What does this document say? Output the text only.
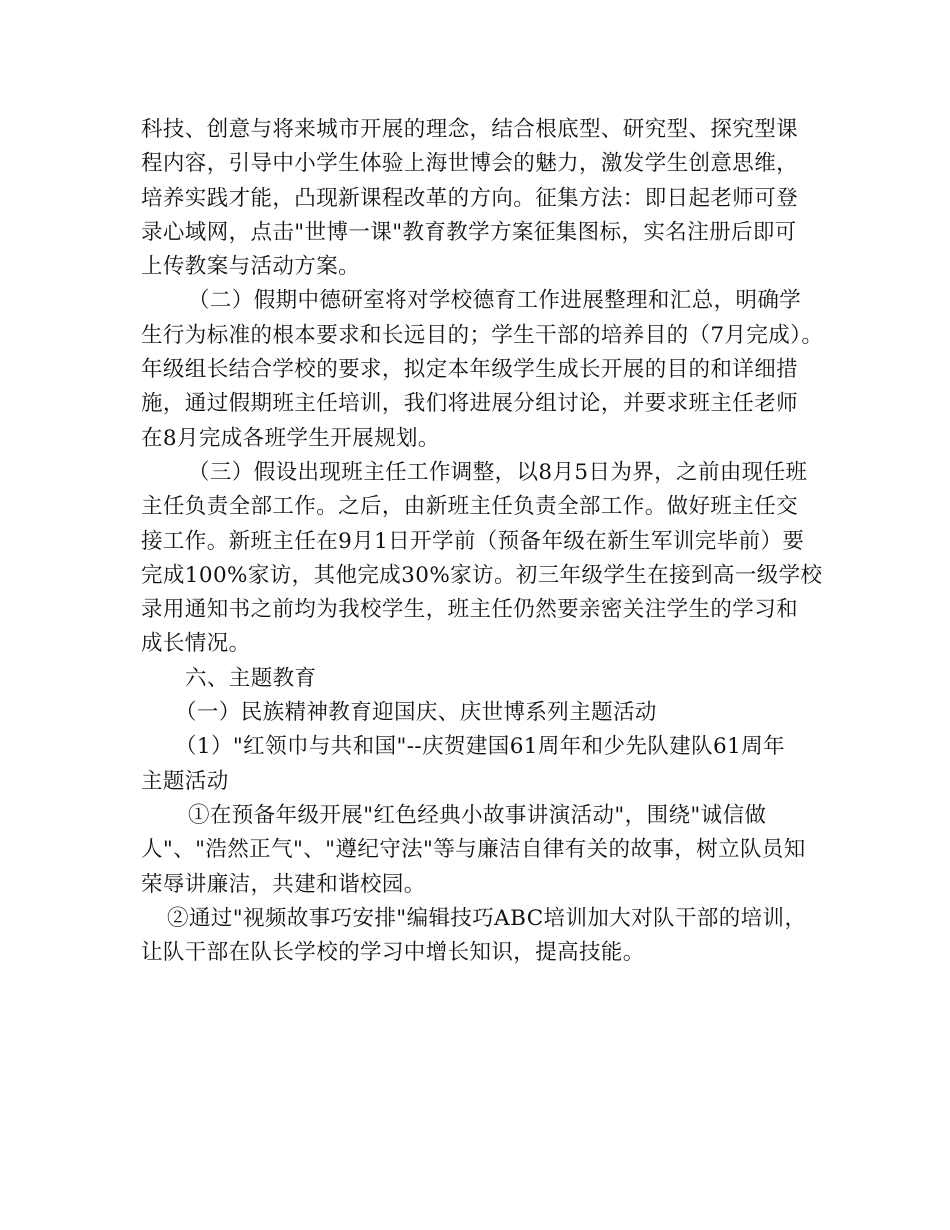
科技、创意与将来城市开展的理念，结合根底型、研究型、探究型课
程内容，引导中小学生体验上海世博会的魅力，激发学生创意思维，
培养实践才能，凸现新课程改革的方向。征集方法：即日起老师可登
录心域网，点击"世博一课"教育教学方案征集图标，实名注册后即可
上传教案与活动方案。
（二）假期中德研室将对学校德育工作进展整理和汇总，明确学
生行为标准的根本要求和长远目的；学生干部的培养目的（7月完成）。
年级组长结合学校的要求，拟定本年级学生成长开展的目的和详细措
施，通过假期班主任培训，我们将进展分组讨论，并要求班主任老师
在8月完成各班学生开展规划。
（三）假设出现班主任工作调整，以8月5日为界，之前由现任班
主任负责全部工作。之后，由新班主任负责全部工作。做好班主任交
接工作。新班主任在9月1日开学前（预备年级在新生军训完毕前）要
完成100%家访，其他完成30%家访。初三年级学生在接到高一级学校
录用通知书之前均为我校学生，班主任仍然要亲密关注学生的学习和
成长情况。
六、主题教育
（一）民族精神教育迎国庆、庆世博系列主题活动
（1）"红领巾与共和国"--庆贺建国61周年和少先队建队61周年
主题活动
①在预备年级开展"红色经典小故事讲演活动"，围绕"诚信做
人"、"浩然正气"、"遵纪守法"等与廉洁自律有关的故事，树立队员知
荣辱讲廉洁，共建和谐校园。
②通过"视频故事巧安排"编辑技巧ABC培训加大对队干部的培训，
让队干部在队长学校的学习中增长知识，提高技能。
